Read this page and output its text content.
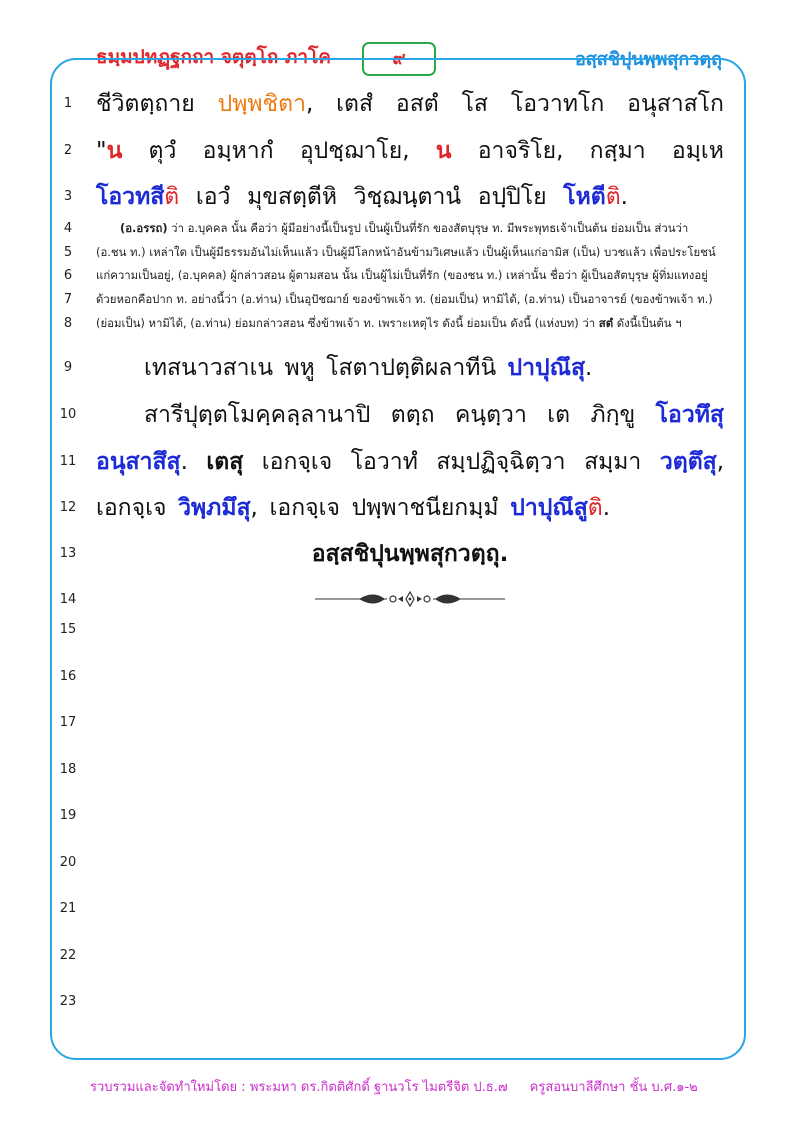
ธมฺมปทฏฺฐกถา จตุตฺโถ ภาโค	๙	อสฺสชิปุนพฺพสุกวตฺถุ
1
2
3
4
5
6
7
8
9
10
11
12
13
14
15
16
17
18
19
20
21
22
23
ชีวิตตฺถาย ปพฺพชิตา, เตสํ อสตํ โส โอวาทโก อนุสาสโก
"น ตุวํ อมฺหากํ อุปชฺฌาโย, น อาจริโย, กสฺมา อมฺเห
โอวทสีติ เอวํ มุขสตฺตีหิ วิชฺฌนฺตานํ อปฺปิโย โหตีติ.
(อ.อรรถ) ว่า อ.บุคคล นั้น คือว่า ผู้มีอย่างนี้เป็นรูป เป็นผู้เป็นที่รัก ของสัตบุรุษ ท. มีพระพุทธเจ้าเป็นต้น ย่อมเป็น ส่วนว่า
(อ.ชน ท.) เหล่าใด เป็นผู้มีธรรมอันไม่เห็นแล้ว เป็นผู้มีโลกหน้าอันข้ามวิเศษแล้ว เป็นผู้เห็นแก่อามิส (เป็น) บวชแล้ว เพื่อประโยชน์
แก่ความเป็นอยู่, (อ.บุคคล) ผู้กล่าวสอน ผู้ตามสอน นั้น เป็นผู้ไม่เป็นที่รัก (ของชน ท.) เหล่านั้น ชื่อว่า ผู้เป็นอสัตบุรุษ ผู้ทิ่มแทงอยู่
ด้วยหอกคือปาก ท. อย่างนี้ว่า (อ.ท่าน) เป็นอุปัชฌาย์ ของข้าพเจ้า ท. (ย่อมเป็น) หามิได้, (อ.ท่าน) เป็นอาจารย์ (ของข้าพเจ้า ท.)
(ย่อมเป็น) หามิได้, (อ.ท่าน) ย่อมกล่าวสอน ซึ่งข้าพเจ้า ท. เพราะเหตุไร ดังนี้ ย่อมเป็น ดังนี้ (แห่งบท) ว่า สตํ ดังนี้เป็นต้น ฯ
เทสนาวสาเน พหู โสตาปตฺติผลาทีนิ ปาปุณึสุ.
สารีปุตฺตโมคฺคลฺลานาปิ ตตฺถ คนฺตฺวา เต ภิกฺขู โอวทึสุ
อนุสาสึสุ. เตสุ เอกจฺเจ โอวาทํ สมฺปฏิจฺฉิตฺวา สมฺมา วตฺตึสุ,
เอกจฺเจ วิพฺภมึสุ, เอกจฺเจ ปพฺพาชนียกมฺมํ ปาปุณึสูติ.
อสฺสชิปุนพฺพสุกวตฺถุ.
รวบรวมและจัดทำใหม่โดย : พระมหา ดร.กิตติศักดิ์ ฐานวโร ไมตรีจิต ป.ธ.๗ ครูสอนบาลีศึกษา ชั้น บ.ศ.๑-๒
